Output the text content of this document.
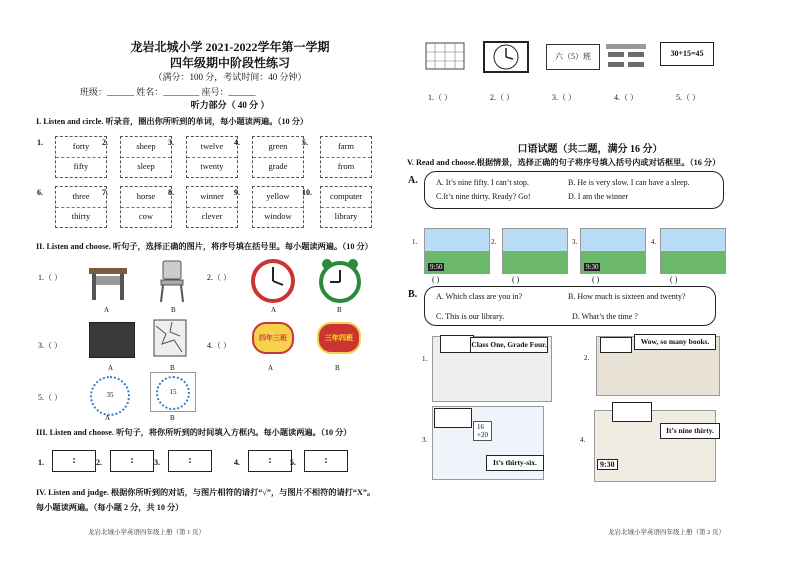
龙岩北城小学 2021-2022学年第一学期
四年级期中阶段性练习
（满分：100 分，考试时间：40 分钟）
班级：______ 姓名：________ 座号：______
听力部分（ 40 分 ）
I. Listen and circle. 听录音，圈出你所听到的单词，每小题读两遍。（10 分）
1.	forty
fifty
2.	sheep
sleep
3.	twelve
twenty
4.	green
grade
5.	farm
from
6.	three
thirty
7.	horse
cow
8.	winner
clever
9.	yellow
window
10.	computer
library
II. Listen and choose. 听句子，选择正确的图片，将序号填在括号里。每小题读两遍。（10 分）
1.（ ）	2.（ ）
3.（ ）	4.（ ）
5.（ ）
A	B	A	B
A	B
四年三班	三年四班
A	B
35	15
A	B
III. Listen and choose. 听句子，将你所听到的时间填入方框内。每小题读两遍。（10 分）
1.	:	2.	:	3.	:	4.	:	5.	:
IV. Listen and judge. 根据你所听到的对话，与图片相符的请打“√”，与图片不相符的请打“X”。
每小题读两遍。（每小题 2 分，共 10 分）
龙岩北城小学英语四年级上册（第 1 页）
六（5）班	30+15=45
1.（ ）	2.（ ）	3.（ ）	4.（ ）	5.（ ）
口语试题（共二题，满分 16 分）
V. Read and choose.根据情景，选择正确的句子将序号填入括号内或对话框里。（16 分）
A. A. It’s nine fifty. I can’t stop.	B. He is very slow. I can have a sleep.
C.It’s nine thirty. Ready? Go!	D. I am the winner
1.	2.	3.	4.
9:50	9:30
( )	( )	( )	( )
B. A. Which class are you in?	B. How much is sixteen and twenty?
C. This is our library.	D. What’s the time ?
1.
Class One, Grade Four.
2.
Wow, so many books.
3.
16
+20
It’s thirty-six.
4.
9:30
It’s nine thirty.
龙岩北城小学英语四年级上册（第 2 页）
